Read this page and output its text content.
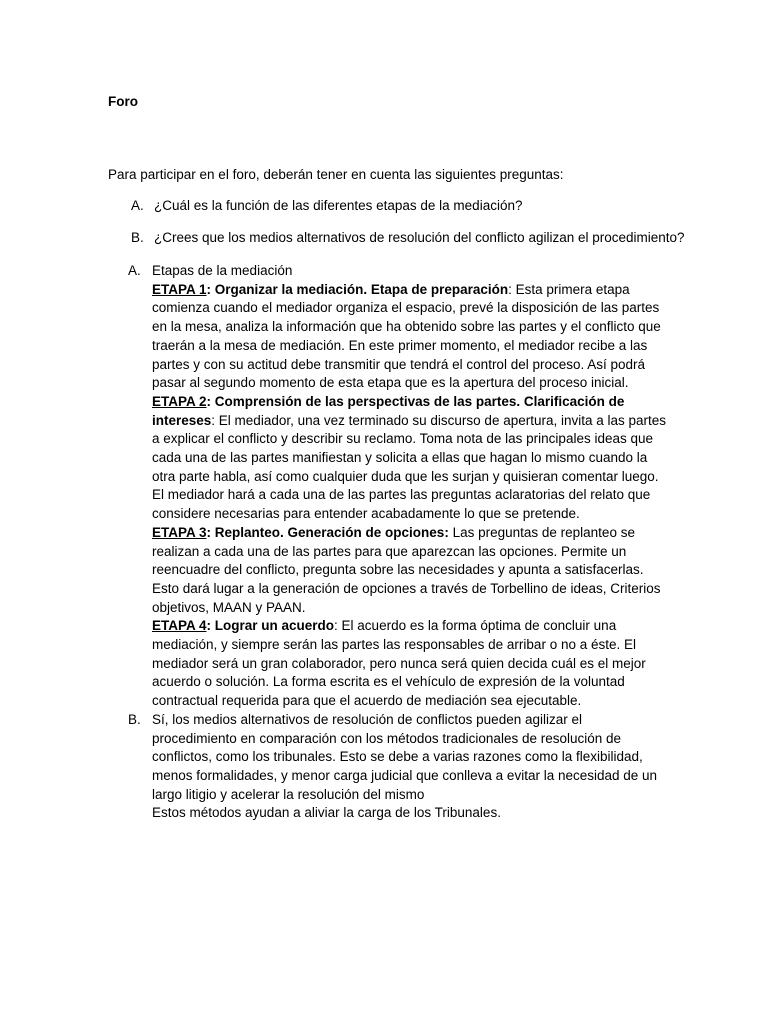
Foro

Para participar en el foro, deberán tener en cuenta las siguientes preguntas:

A. ¿Cuál es la función de las diferentes etapas de la mediación?
B. ¿Crees que los medios alternativos de resolución del conflicto agilizan el procedimiento?
A. Etapas de la mediación

ETAPA 1: Organizar la mediación. Etapa de preparación: Esta primera etapa comienza cuando el mediador organiza el espacio, prevé la disposición de las partes en la mesa, analiza la información que ha obtenido sobre las partes y el conflicto que traerán a la mesa de mediación. En este primer momento, el mediador recibe a las partes y con su actitud debe transmitir que tendrá el control del proceso. Así podrá pasar al segundo momento de esta etapa que es la apertura del proceso inicial.

ETAPA 2: Comprensión de las perspectivas de las partes. Clarificación de intereses: El mediador, una vez terminado su discurso de apertura, invita a las partes a explicar el conflicto y describir su reclamo. Toma nota de las principales ideas que cada una de las partes manifiestan y solicita a ellas que hagan lo mismo cuando la otra parte habla, así como cualquier duda que les surjan y quisieran comentar luego. El mediador hará a cada una de las partes las preguntas aclaratorias del relato que considere necesarias para entender acabadamente lo que se pretende.

ETAPA 3: Replanteo. Generación de opciones: Las preguntas de replanteo se realizan a cada una de las partes para que aparezcan las opciones. Permite un reencuadre del conflicto, pregunta sobre las necesidades y apunta a satisfacerlas. Esto dará lugar a la generación de opciones a través de Torbellino de ideas, Criterios objetivos, MAAN y PAAN.

ETAPA 4: Lograr un acuerdo: El acuerdo es la forma óptima de concluir una mediación, y siempre serán las partes las responsables de arribar o no a éste. El mediador será un gran colaborador, pero nunca será quien decida cuál es el mejor acuerdo o solución. La forma escrita es el vehículo de expresión de la voluntad contractual requerida para que el acuerdo de mediación sea ejecutable.

B. Sí, los medios alternativos de resolución de conflictos pueden agilizar el procedimiento en comparación con los métodos tradicionales de resolución de conflictos, como los tribunales. Esto se debe a varias razones como la flexibilidad, menos formalidades, y menor carga judicial que conlleva a evitar la necesidad de un largo litigio y acelerar la resolución del mismo

Estos métodos ayudan a aliviar la carga de los Tribunales.
